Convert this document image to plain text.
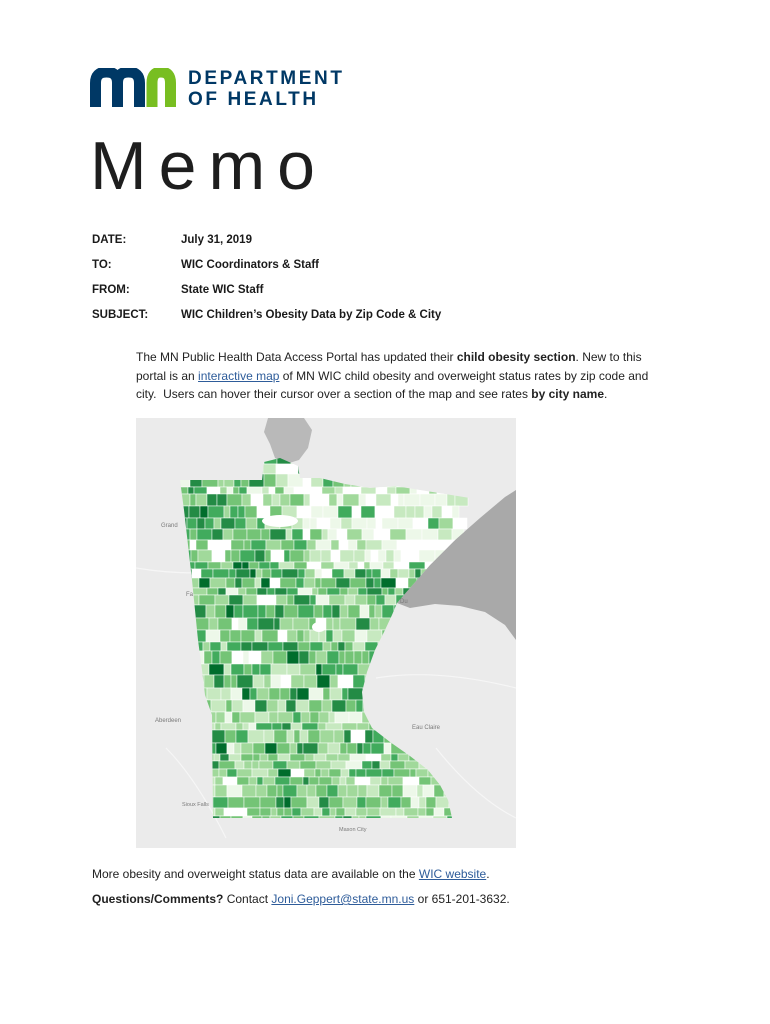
DEPARTMENT
OF HEALTH
Memo
DATE:	July 31, 2019
TO:	WIC Coordinators & Staff
FROM:	State WIC Staff
SUBJECT:	WIC Children’s Obesity Data by Zip Code & City
The MN Public Health Data Access Portal has updated their child obesity section. New to this
portal is an interactive map of MN WIC child obesity and overweight status rates by zip code and
city.  Users can hover their cursor over a section of the map and see rates by city name.
Grand
Fa
Du
Aberdeen
Eau Claire
Sioux Falls
Mason City
More obesity and overweight status data are available on the WIC website.
Questions/Comments? Contact Joni.Geppert@state.mn.us or 651-201-3632.
